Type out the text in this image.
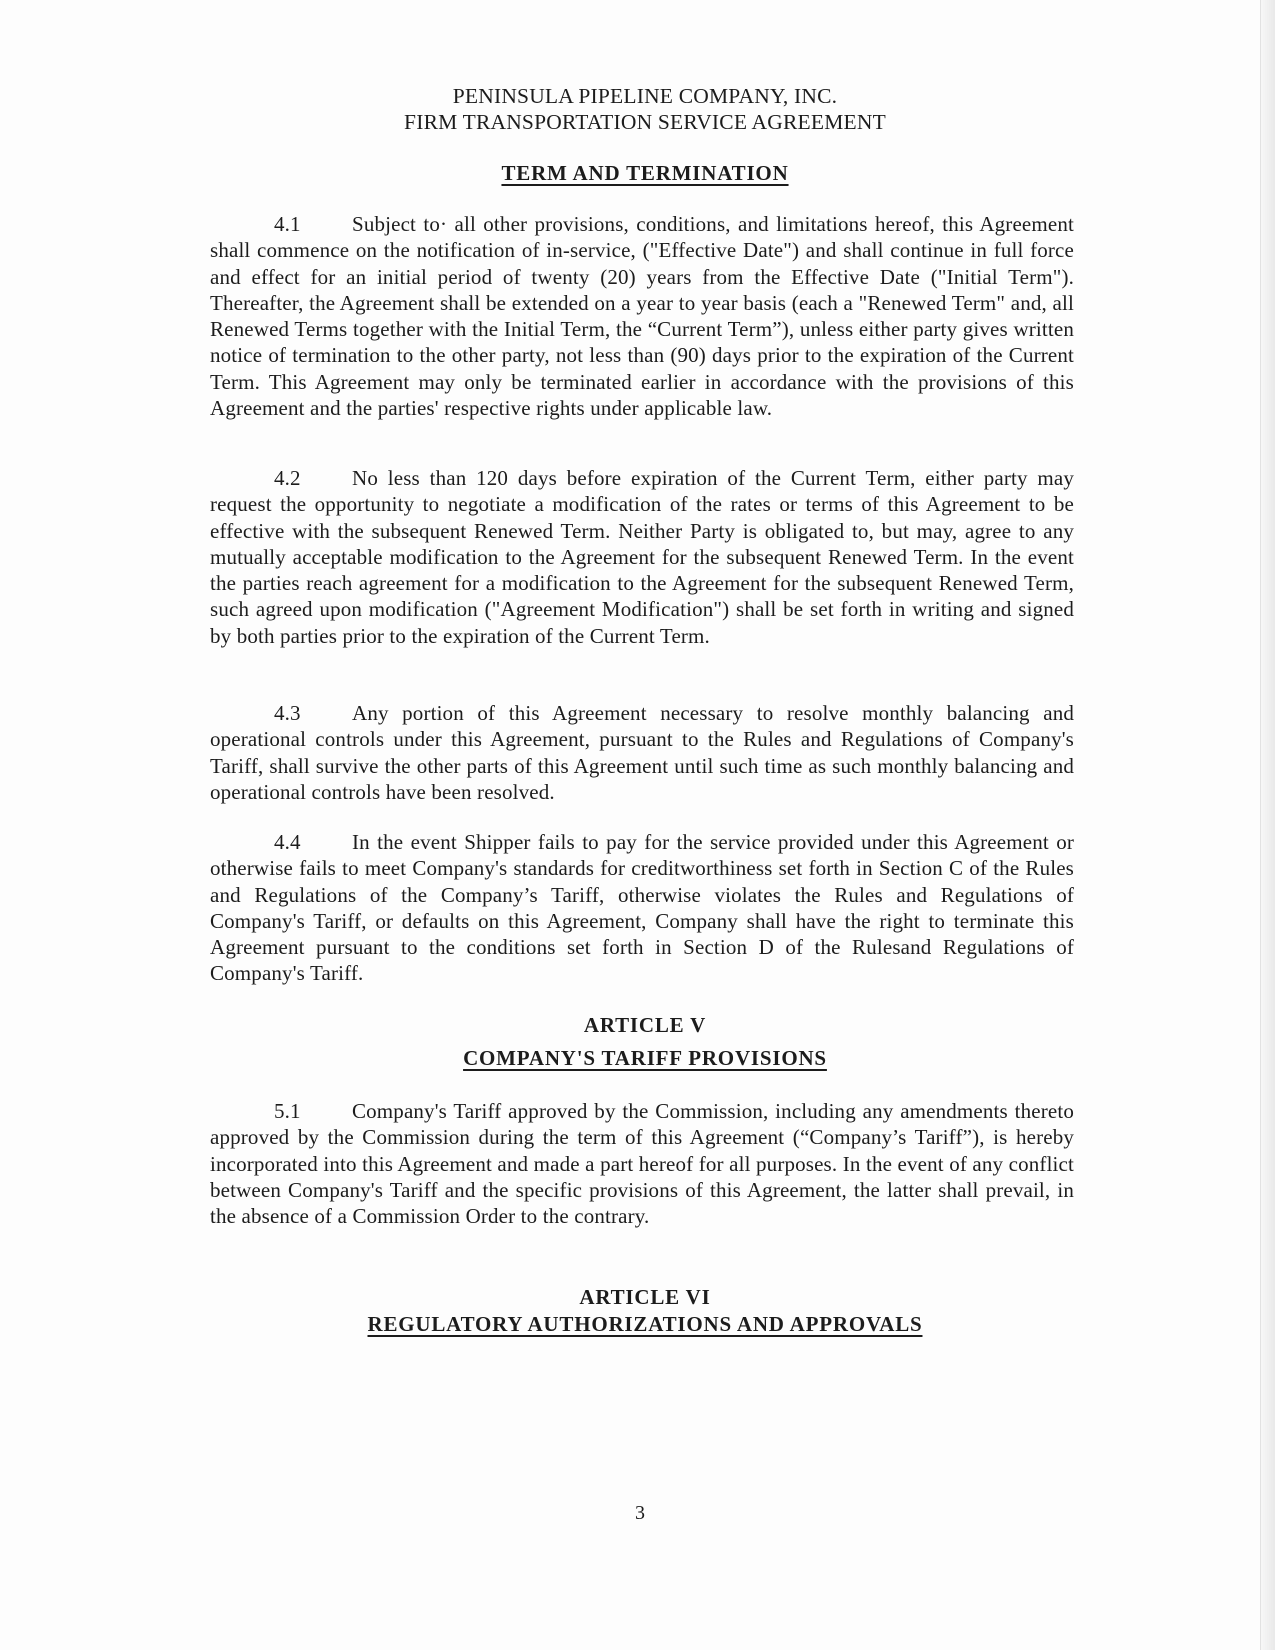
PENINSULA PIPELINE COMPANY, INC.
FIRM TRANSPORTATION SERVICE AGREEMENT
TERM AND TERMINATION
4.1 Subject to· all other provisions, conditions, and limitations hereof, this Agreement shall commence on the notification of in-service, ("Effective Date") and shall continue in full force and effect for an initial period of twenty (20) years from the Effective Date ("Initial Term"). Thereafter, the Agreement shall be extended on a year to year basis (each a "Renewed Term" and, all Renewed Terms together with the Initial Term, the “Current Term”), unless either party gives written notice of termination to the other party, not less than (90) days prior to the expiration of the Current Term. This Agreement may only be terminated earlier in accordance with the provisions of this Agreement and the parties' respective rights under applicable law.
4.2 No less than 120 days before expiration of the Current Term, either party may request the opportunity to negotiate a modification of the rates or terms of this Agreement to be effective with the subsequent Renewed Term. Neither Party is obligated to, but may, agree to any mutually acceptable modification to the Agreement for the subsequent Renewed Term. In the event the parties reach agreement for a modification to the Agreement for the subsequent Renewed Term, such agreed upon modification ("Agreement Modification") shall be set forth in writing and signed by both parties prior to the expiration of the Current Term.
4.3 Any portion of this Agreement necessary to resolve monthly balancing and operational controls under this Agreement, pursuant to the Rules and Regulations of Company's Tariff, shall survive the other parts of this Agreement until such time as such monthly balancing and operational controls have been resolved.
4.4 In the event Shipper fails to pay for the service provided under this Agreement or otherwise fails to meet Company's standards for creditworthiness set forth in Section C of the Rules and Regulations of the Company’s Tariff, otherwise violates the Rules and Regulations of Company's Tariff, or defaults on this Agreement, Company shall have the right to terminate this Agreement pursuant to the conditions set forth in Section D of the Rulesand Regulations of Company's Tariff.
ARTICLE V
COMPANY'S TARIFF PROVISIONS
5.1 Company's Tariff approved by the Commission, including any amendments thereto approved by the Commission during the term of this Agreement (“Company’s Tariff”), is hereby incorporated into this Agreement and made a part hereof for all purposes. In the event of any conflict between Company's Tariff and the specific provisions of this Agreement, the latter shall prevail, in the absence of a Commission Order to the contrary.
ARTICLE VI
REGULATORY AUTHORIZATIONS AND APPROVALS
3
